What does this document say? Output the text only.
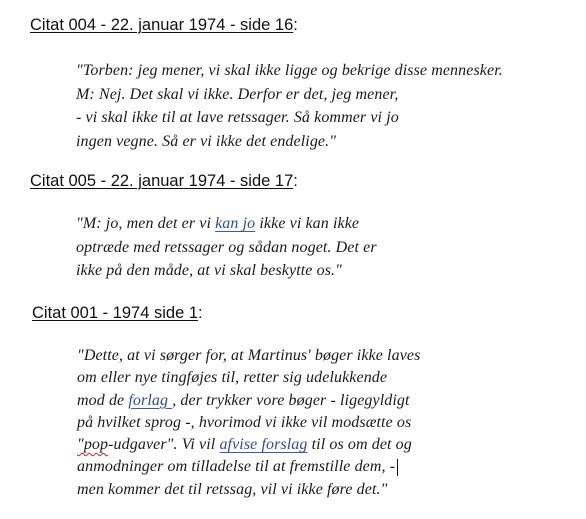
Citat 004 - 22. januar 1974 - side 16:
"Torben: jeg mener, vi skal ikke ligge og bekrige disse mennesker.
M: Nej. Det skal vi ikke. Derfor er det, jeg mener,
- vi skal ikke til at lave retssager. Så kommer vi jo
ingen vegne. Så er vi ikke det endelige."
Citat 005 - 22. januar 1974 - side 17:
"M: jo, men det er vi kan jo ikke vi kan ikke
optræde med retssager og sådan noget. Det er
ikke på den måde, at vi skal beskytte os."
Citat 001 - 1974 side 1:
"Dette, at vi sørger for, at Martinus' bøger ikke laves
om eller nye tingføjes til, retter sig udelukkende
mod de forlag , der trykker vore bøger - ligegyldigt
på hvilket sprog -, hvorimod vi ikke vil modsætte os
"pop-udgaver". Vi vil afvise forslag til os om det og
anmodninger om tilladelse til at fremstille dem, -
men kommer det til retssag, vil vi ikke føre det."
